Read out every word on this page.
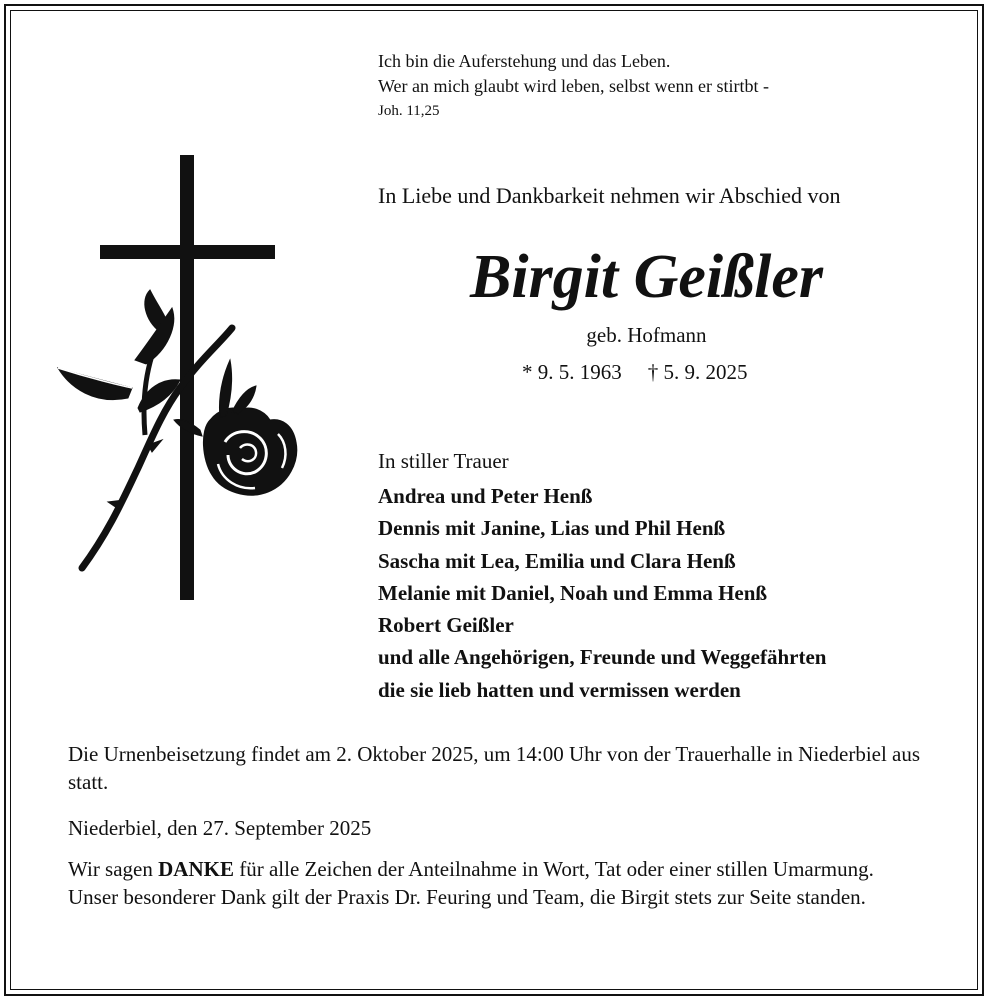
Ich bin die Auferstehung und das Leben.
Wer an mich glaubt wird leben, selbst wenn er stirtbt -
Joh. 11,25
In Liebe und Dankbarkeit nehmen wir Abschied von
Birgit Geißler
geb. Hofmann
* 9. 5. 1963 † 5. 9. 2025
In stiller Trauer
Andrea und Peter Henß
Dennis mit Janine, Lias und Phil Henß
Sascha mit Lea, Emilia und Clara Henß
Melanie mit Daniel, Noah und Emma Henß
Robert Geißler
und alle Angehörigen, Freunde und Weggefährten
die sie lieb hatten und vermissen werden
Die Urnenbeisetzung findet am 2. Oktober 2025, um 14:00 Uhr von der Trauerhalle in Niederbiel aus statt.
Niederbiel, den 27. September 2025
Wir sagen DANKE für alle Zeichen der Anteilnahme in Wort, Tat oder einer stillen Umarmung. Unser besonderer Dank gilt der Praxis Dr. Feuring und Team, die Birgit stets zur Seite standen.
